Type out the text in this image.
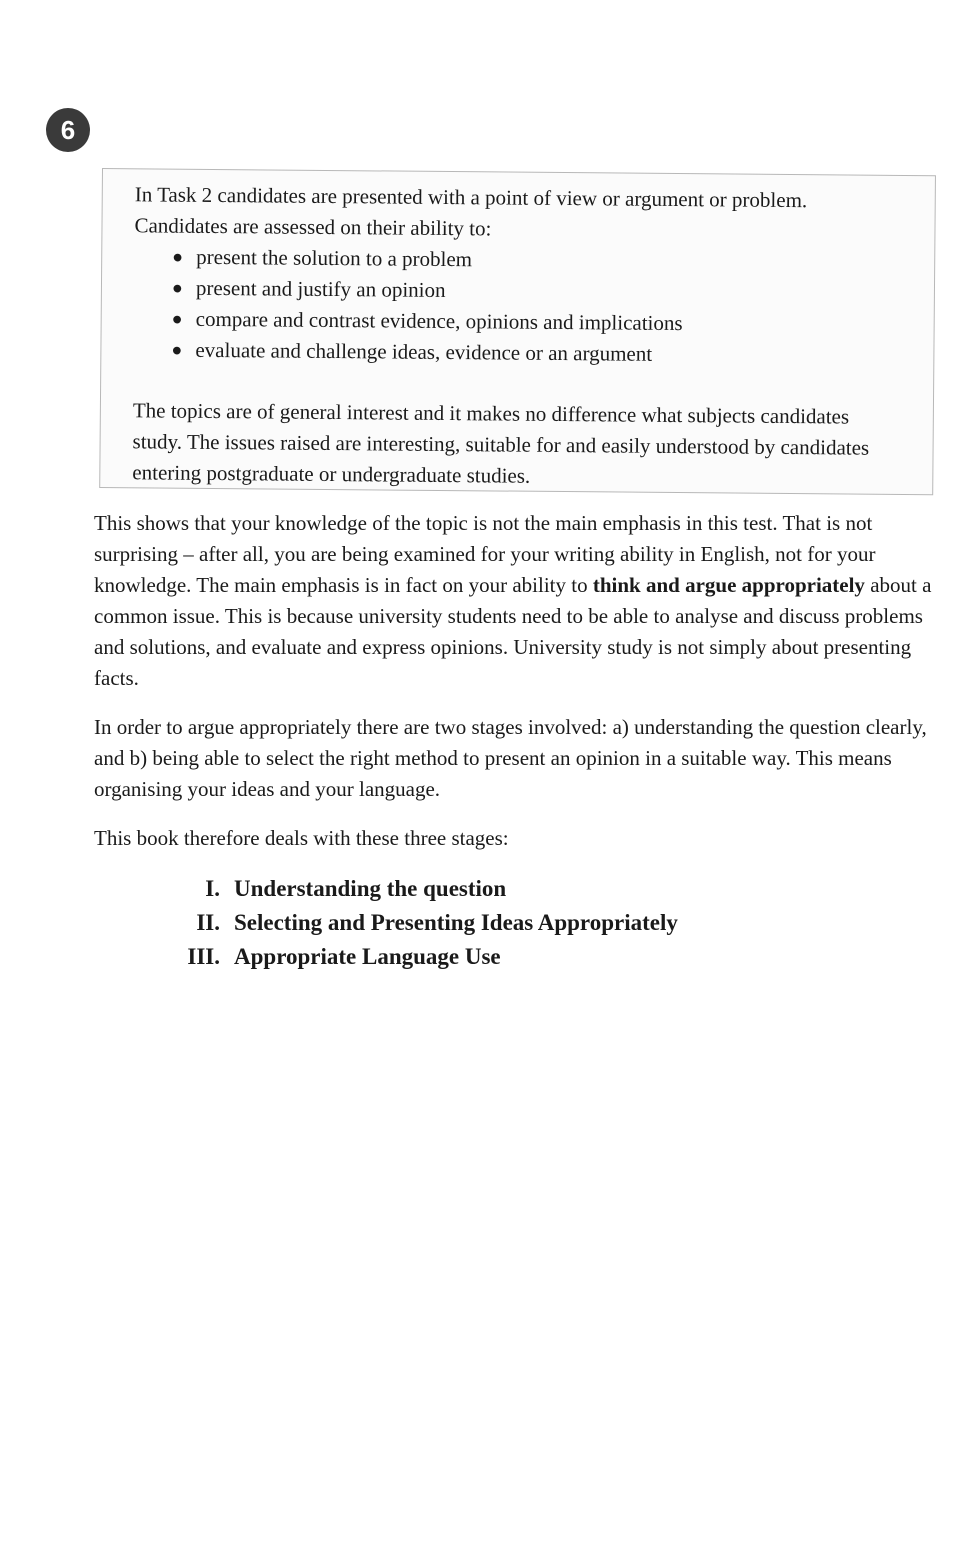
6

In Task 2 candidates are presented with a point of view or argument or problem.

Candidates are assessed on their ability to:

● present the solution to a problem
● present and justify an opinion
● compare and contrast evidence, opinions and implications
● evaluate and challenge ideas, evidence or an argument

The topics are of general interest and it makes no difference what subjects candidates study. The issues raised are interesting, suitable for and easily understood by candidates entering postgraduate or undergraduate studies.

This shows that your knowledge of the topic is not the main emphasis in this test. That is not surprising – after all, you are being examined for your writing ability in English, not for your knowledge. The main emphasis is in fact on your ability to think and argue appropriately about a common issue. This is because university students need to be able to analyse and discuss problems and solutions, and evaluate and express opinions. University study is not simply about presenting facts.

In order to argue appropriately there are two stages involved: a) understanding the question clearly, and b) being able to select the right method to present an opinion in a suitable way. This means organising your ideas and your language.

This book therefore deals with these three stages:

I. Understanding the question
II. Selecting and Presenting Ideas Appropriately
III. Appropriate Language Use
